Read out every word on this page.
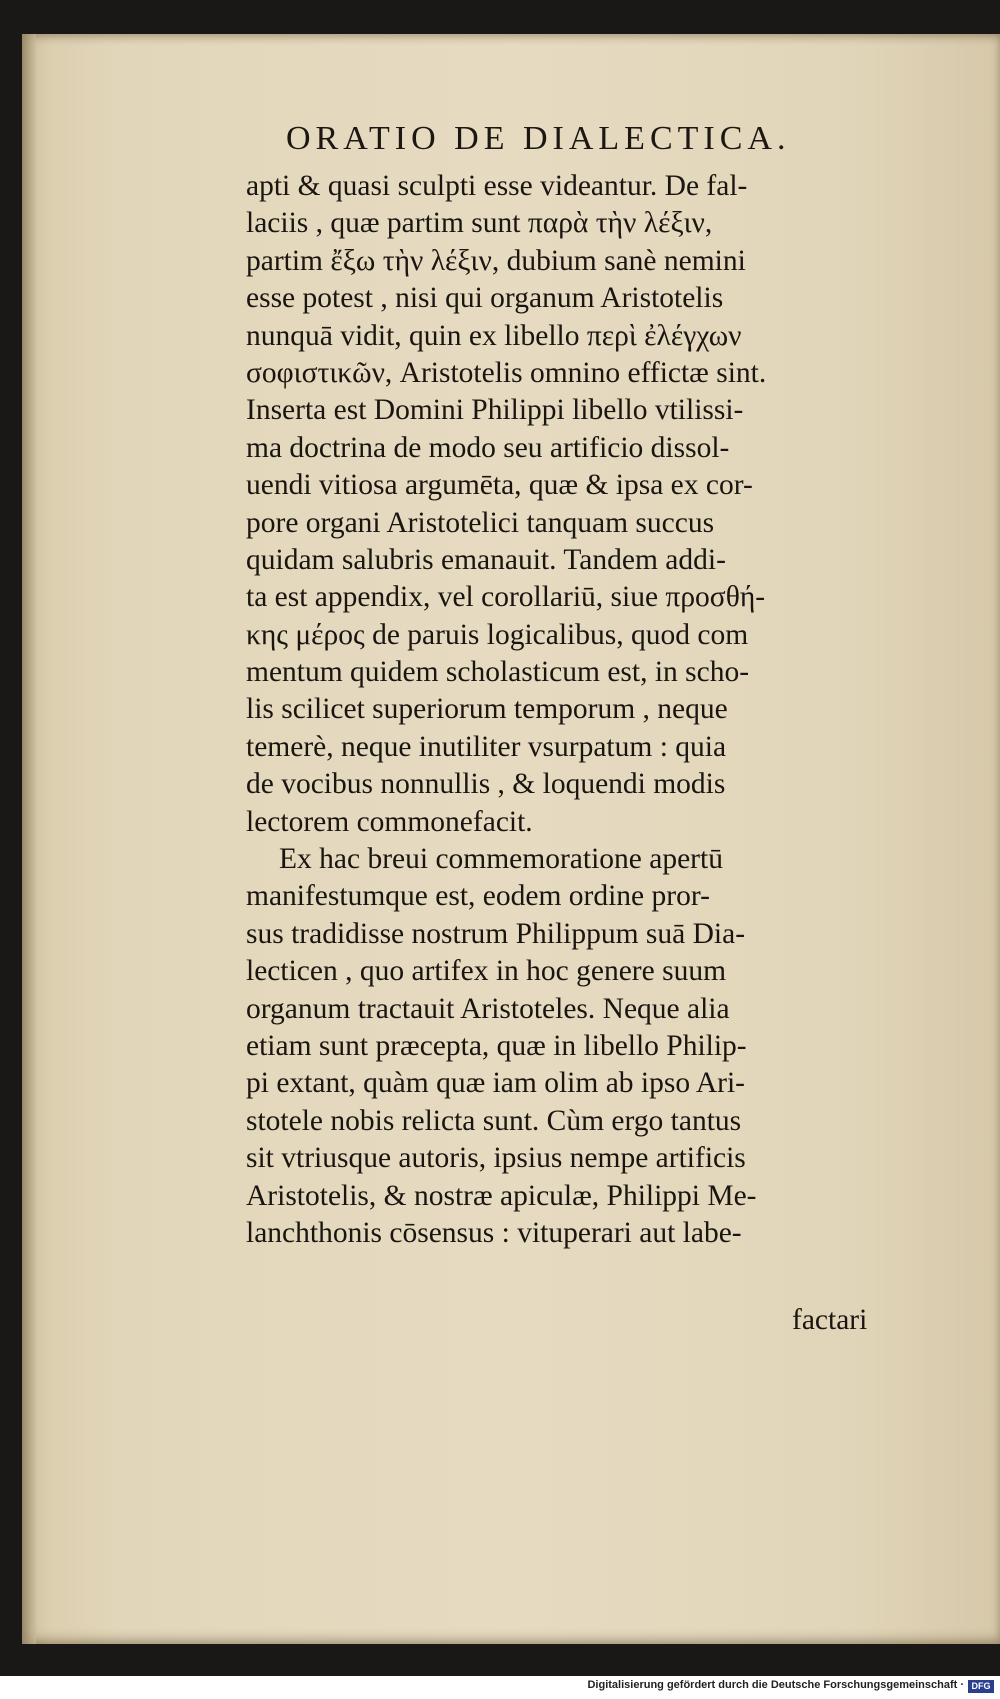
ORATIO DE DIALECTICA.
apti & quasi sculpti esse videantur. De fal-
laciis , quæ partim sunt παρὰ τὴν λέξιν,
partim ἔξω τὴν λέξιν, dubium sanè nemini
esse potest , nisi qui organum Aristotelis
nunquā vidit, quin ex libello περὶ ἐλέγχων
σοφιστικῶν, Aristotelis omnino effictæ sint.
Inserta est Domini Philippi libello vtilissi-
ma doctrina de modo seu artificio dissol-
uendi vitiosa argumēta, quæ & ipsa ex cor-
pore organi Aristotelici tanquam succus
quidam salubris emanauit. Tandem addi-
ta est appendix, vel corollariū, siue προσθή-
κης μέρος de paruis logicalibus, quod com
mentum quidem scholasticum est, in scho-
lis scilicet superiorum temporum , neque
temerè, neque inutiliter vsurpatum : quia
de vocibus nonnullis , & loquendi modis
lectorem commonefacit.
Ex hac breui commemoratione apertū
manifestumque est, eodem ordine pror-
sus tradidisse nostrum Philippum suā Dia-
lecticen , quo artifex in hoc genere suum
organum tractauit Aristoteles. Neque alia
etiam sunt præcepta, quæ in libello Philip-
pi extant, quàm quæ iam olim ab ipso Ari-
stotele nobis relicta sunt. Cùm ergo tantus
sit vtriusque autoris, ipsius nempe artificis
Aristotelis, & nostræ apiculæ, Philippi Me-
lanchthonis cōsensus : vituperari aut labe-
factari
Digitalisierung gefördert durch die Deutsche Forschungsgemeinschaft · DFG
